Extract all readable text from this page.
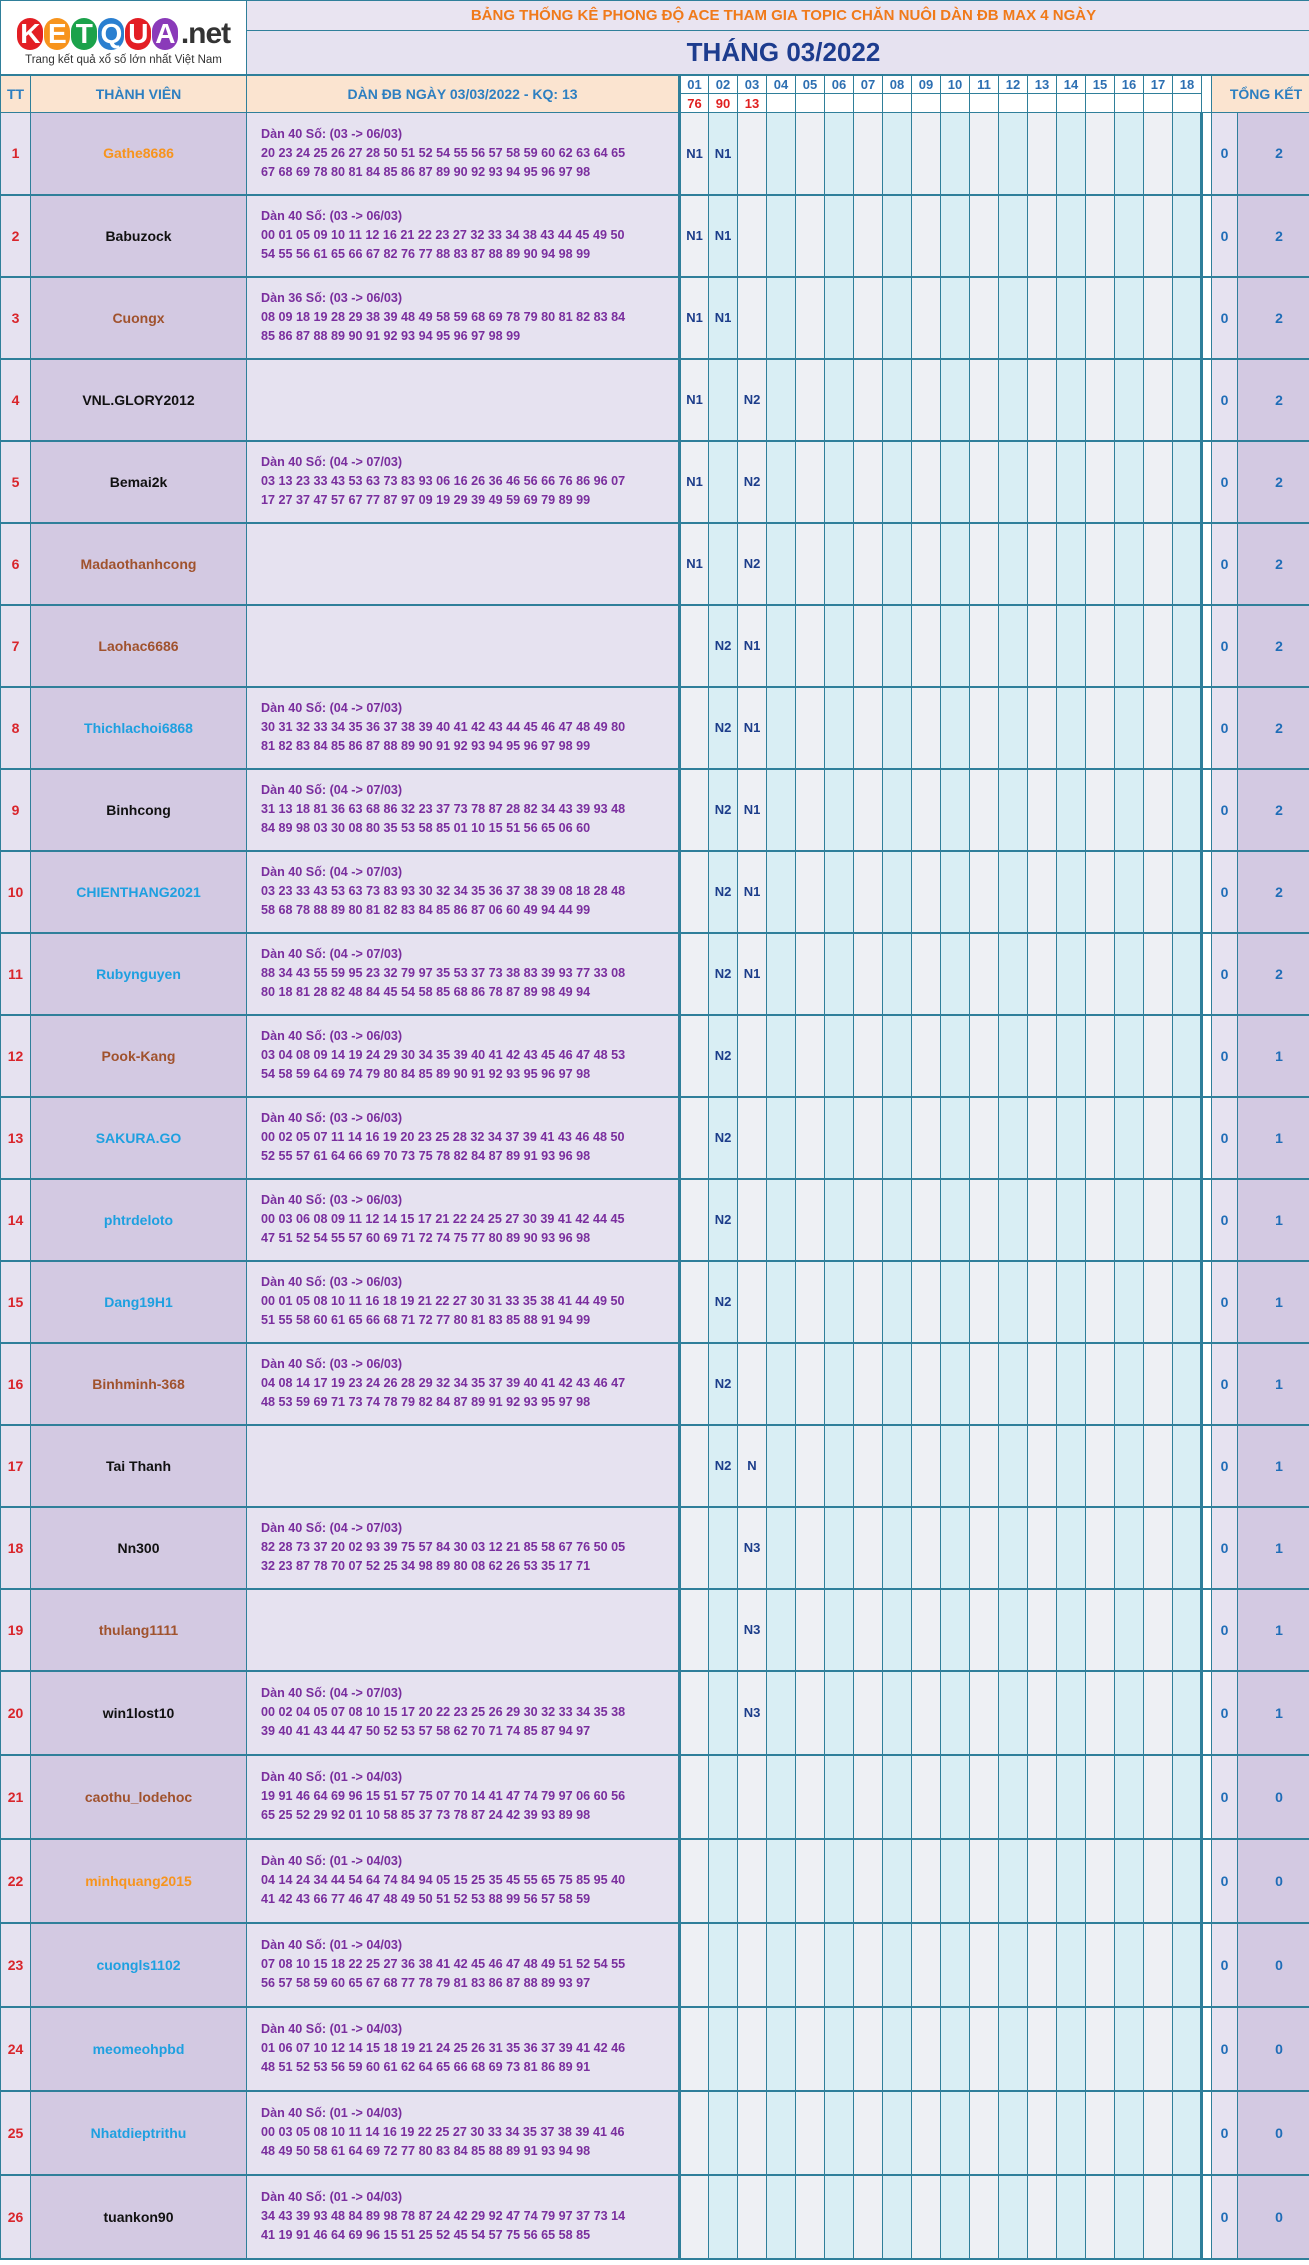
K E T Q U A .net
Trang kết quả xổ số lớn nhất Việt Nam		BẢNG THỐNG KÊ PHONG ĐỘ ACE THAM GIA TOPIC CHĂN NUÔI DÀN ĐB MAX 4 NGÀY																					
		THÁNG 03/2022																					
TT	THÀNH VIÊN	DÀN ĐB NGÀY 03/03/2022 - KQ: 13	01	02	03	04	05	06	07	08	09	10	11	12	13	14	15	16	17	18		TỔNG KẾT	
			76	90	13																		
1	Gathe8686	Dàn 40 Số: (03 -> 06/03)
20 23 24 25 26 27 28 50 51 52 54 55 56 57 58 59 60 62 63 64 65
67 68 69 78 80 81 84 85 86 87 89 90 92 93 94 95 96 97 98	N1	N1																		0	2
2	Babuzock	Dàn 40 Số: (03 -> 06/03)
00 01 05 09 10 11 12 16 21 22 23 27 32 33 34 38 43 44 45 49 50
54 55 56 61 65 66 67 82 76 77 88 83 87 88 89 90 94 98 99	N1	N1																		0	2
3	Cuongx	Dàn 36 Số: (03 -> 06/03)
08 09 18 19 28 29 38 39 48 49 58 59 68 69 78 79 80 81 82 83 84
85 86 87 88 89 90 91 92 93 94 95 96 97 98 99	N1	N1																		0	2
4	VNL.GLORY2012		N1		N2																	0	2
5	Bemai2k	Dàn 40 Số: (04 -> 07/03)
03 13 23 33 43 53 63 73 83 93 06 16 26 36 46 56 66 76 86 96 07
17 27 37 47 57 67 77 87 97 09 19 29 39 49 59 69 79 89 99	N1		N2																	0	2
6	Madaothanhcong		N1		N2																	0	2
7	Laohac6686			N2	N1																	0	2
8	Thichlachoi6868	Dàn 40 Số: (04 -> 07/03)
30 31 32 33 34 35 36 37 38 39 40 41 42 43 44 45 46 47 48 49 80
81 82 83 84 85 86 87 88 89 90 91 92 93 94 95 96 97 98 99		N2	N1																	0	2
9	Binhcong	Dàn 40 Số: (04 -> 07/03)
31 13 18 81 36 63 68 86 32 23 37 73 78 87 28 82 34 43 39 93 48
84 89 98 03 30 08 80 35 53 58 85 01 10 15 51 56 65 06 60		N2	N1																	0	2
10	CHIENTHANG2021	Dàn 40 Số: (04 -> 07/03)
03 23 33 43 53 63 73 83 93 30 32 34 35 36 37 38 39 08 18 28 48
58 68 78 88 89 80 81 82 83 84 85 86 87 06 60 49 94 44 99		N2	N1																	0	2
11	Rubynguyen	Dàn 40 Số: (04 -> 07/03)
88 34 43 55 59 95 23 32 79 97 35 53 37 73 38 83 39 93 77 33 08
80 18 81 28 82 48 84 45 54 58 85 68 86 78 87 89 98 49 94		N2	N1																	0	2
12	Pook-Kang	Dàn 40 Số: (03 -> 06/03)
03 04 08 09 14 19 24 29 30 34 35 39 40 41 42 43 45 46 47 48 53
54 58 59 64 69 74 79 80 84 85 89 90 91 92 93 95 96 97 98		N2																		0	1
13	SAKURA.GO	Dàn 40 Số: (03 -> 06/03)
00 02 05 07 11 14 16 19 20 23 25 28 32 34 37 39 41 43 46 48 50
52 55 57 61 64 66 69 70 73 75 78 82 84 87 89 91 93 96 98		N2																		0	1
14	phtrdeloto	Dàn 40 Số: (03 -> 06/03)
00 03 06 08 09 11 12 14 15 17 21 22 24 25 27 30 39 41 42 44 45
47 51 52 54 55 57 60 69 71 72 74 75 77 80 89 90 93 96 98		N2																		0	1
15	Dang19H1	Dàn 40 Số: (03 -> 06/03)
00 01 05 08 10 11 16 18 19 21 22 27 30 31 33 35 38 41 44 49 50
51 55 58 60 61 65 66 68 71 72 77 80 81 83 85 88 91 94 99		N2																		0	1
16	Binhminh-368	Dàn 40 Số: (03 -> 06/03)
04 08 14 17 19 23 24 26 28 29 32 34 35 37 39 40 41 42 43 46 47
48 53 59 69 71 73 74 78 79 82 84 87 89 91 92 93 95 97 98		N2																		0	1
17	Tai Thanh			N2	N																	0	1
18	Nn300	Dàn 40 Số: (04 -> 07/03)
82 28 73 37 20 02 93 39 75 57 84 30 03 12 21 85 58 67 76 50 05
32 23 87 78 70 07 52 25 34 98 89 80 08 62 26 53 35 17 71			N3																	0	1
19	thulang1111				N3																	0	1
20	win1lost10	Dàn 40 Số: (04 -> 07/03)
00 02 04 05 07 08 10 15 17 20 22 23 25 26 29 30 32 33 34 35 38
39 40 41 43 44 47 50 52 53 57 58 62 70 71 74 85 87 94 97			N3																	0	1
21	caothu_lodehoc	Dàn 40 Số: (01 -> 04/03)
19 91 46 64 69 96 15 51 57 75 07 70 14 41 47 74 79 97 06 60 56
65 25 52 29 92 01 10 58 85 37 73 78 87 24 42 39 93 89 98																				0	0
22	minhquang2015	Dàn 40 Số: (01 -> 04/03)
04 14 24 34 44 54 64 74 84 94 05 15 25 35 45 55 65 75 85 95 40
41 42 43 66 77 46 47 48 49 50 51 52 53 88 99 56 57 58 59																				0	0
23	cuongls1102	Dàn 40 Số: (01 -> 04/03)
07 08 10 15 18 22 25 27 36 38 41 42 45 46 47 48 49 51 52 54 55
56 57 58 59 60 65 67 68 77 78 79 81 83 86 87 88 89 93 97																				0	0
24	meomeohpbd	Dàn 40 Số: (01 -> 04/03)
01 06 07 10 12 14 15 18 19 21 24 25 26 31 35 36 37 39 41 42 46
48 51 52 53 56 59 60 61 62 64 65 66 68 69 73 81 86 89 91																				0	0
25	Nhatdieptrithu	Dàn 40 Số: (01 -> 04/03)
00 03 05 08 10 11 14 16 19 22 25 27 30 33 34 35 37 38 39 41 46
48 49 50 58 61 64 69 72 77 80 83 84 85 88 89 91 93 94 98																				0	0
26	tuankon90	Dàn 40 Số: (01 -> 04/03)
34 43 39 93 48 84 89 98 78 87 24 42 29 92 47 74 79 97 37 73 14
41 19 91 46 64 69 96 15 51 25 52 45 54 57 75 56 65 58 85																				0	0
